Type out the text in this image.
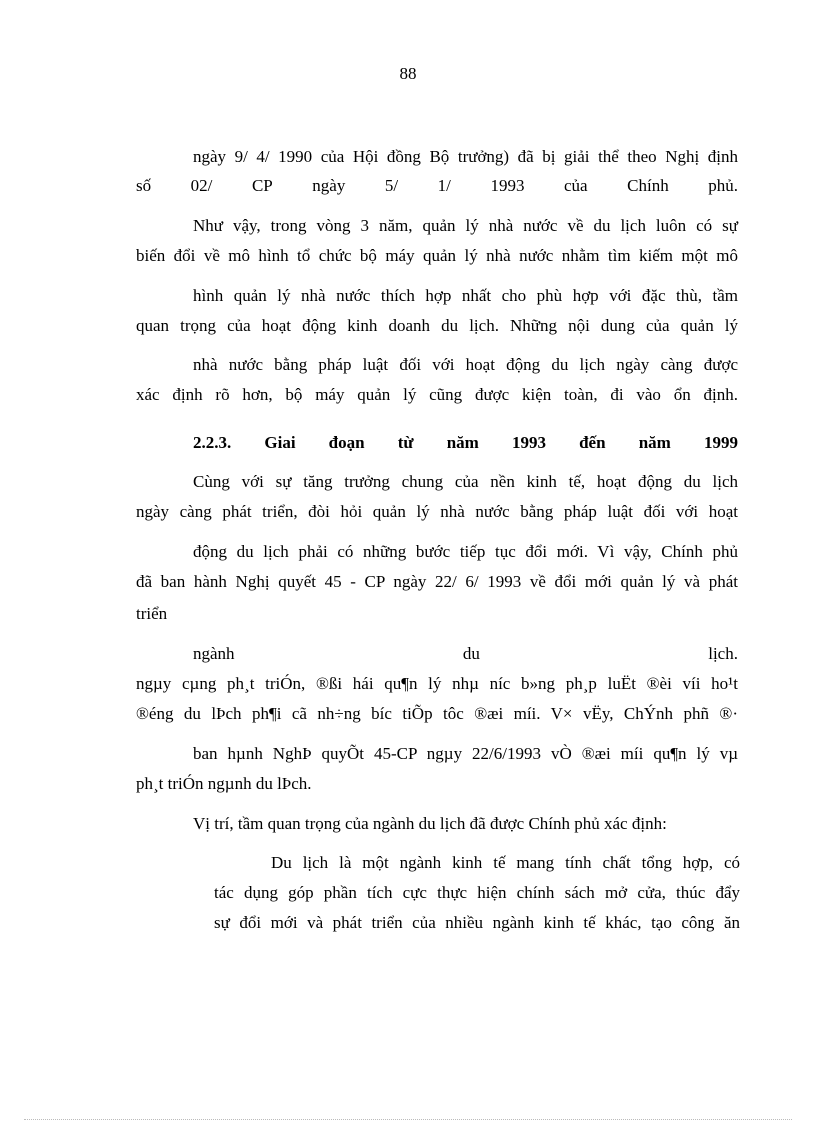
88
ngày 9/ 4/ 1990 của Hội đồng Bộ trưởng) đã bị giải thể theo Nghị định
số 02/ CP ngày 5/ 1/ 1993 của Chính phủ.
Như vậy, trong vòng 3 năm, quản lý nhà nước về du lịch luôn có sự
biến đổi về mô hình tổ chức bộ máy quản lý nhà nước nhằm tìm kiếm một mô
hình quản lý nhà nước thích hợp nhất cho phù hợp với đặc thù, tầm
quan trọng của hoạt động kinh doanh du lịch. Những nội dung của quản lý
nhà nước bằng pháp luật đối với hoạt động du lịch ngày càng được
xác định rõ hơn, bộ máy quản lý cũng được kiện toàn, đi vào ổn định.
2.2.3. Giai đoạn từ năm 1993 đến năm 1999
Cùng với sự tăng trưởng chung của nền kinh tế, hoạt động du lịch
ngày càng phát triển, đòi hỏi quản lý nhà nước bằng pháp luật đối với hoạt
động du lịch phải có những bước tiếp tục đổi mới. Vì vậy, Chính phủ
đã ban hành Nghị quyết 45 - CP ngày 22/ 6/ 1993 về đổi mới quản lý và phát
triển
ngành	du	lịch.
ngµy cµng ph¸t triÓn, ®ßi hái qu¶n lý nhµ níc b»ng ph¸p luËt ®èi víi ho¹t
®éng du lÞch ph¶i cã nh÷ng bíc tiÕp tôc ®æi míi. V× vËy, ChÝnh phñ ®·
ban hµnh NghÞ quyÕt 45-CP ngµy 22/6/1993 vÒ ®æi míi qu¶n lý vµ
ph¸t triÓn ngµnh du lÞch.
Vị trí, tầm quan trọng của ngành du lịch đã được Chính phủ xác định:
Du lịch là một ngành kinh tế mang tính chất tổng hợp, có
tác dụng góp phần tích cực thực hiện chính sách mở cửa, thúc đẩy
sự đổi mới và phát triển của nhiều ngành kinh tế khác, tạo công ăn
